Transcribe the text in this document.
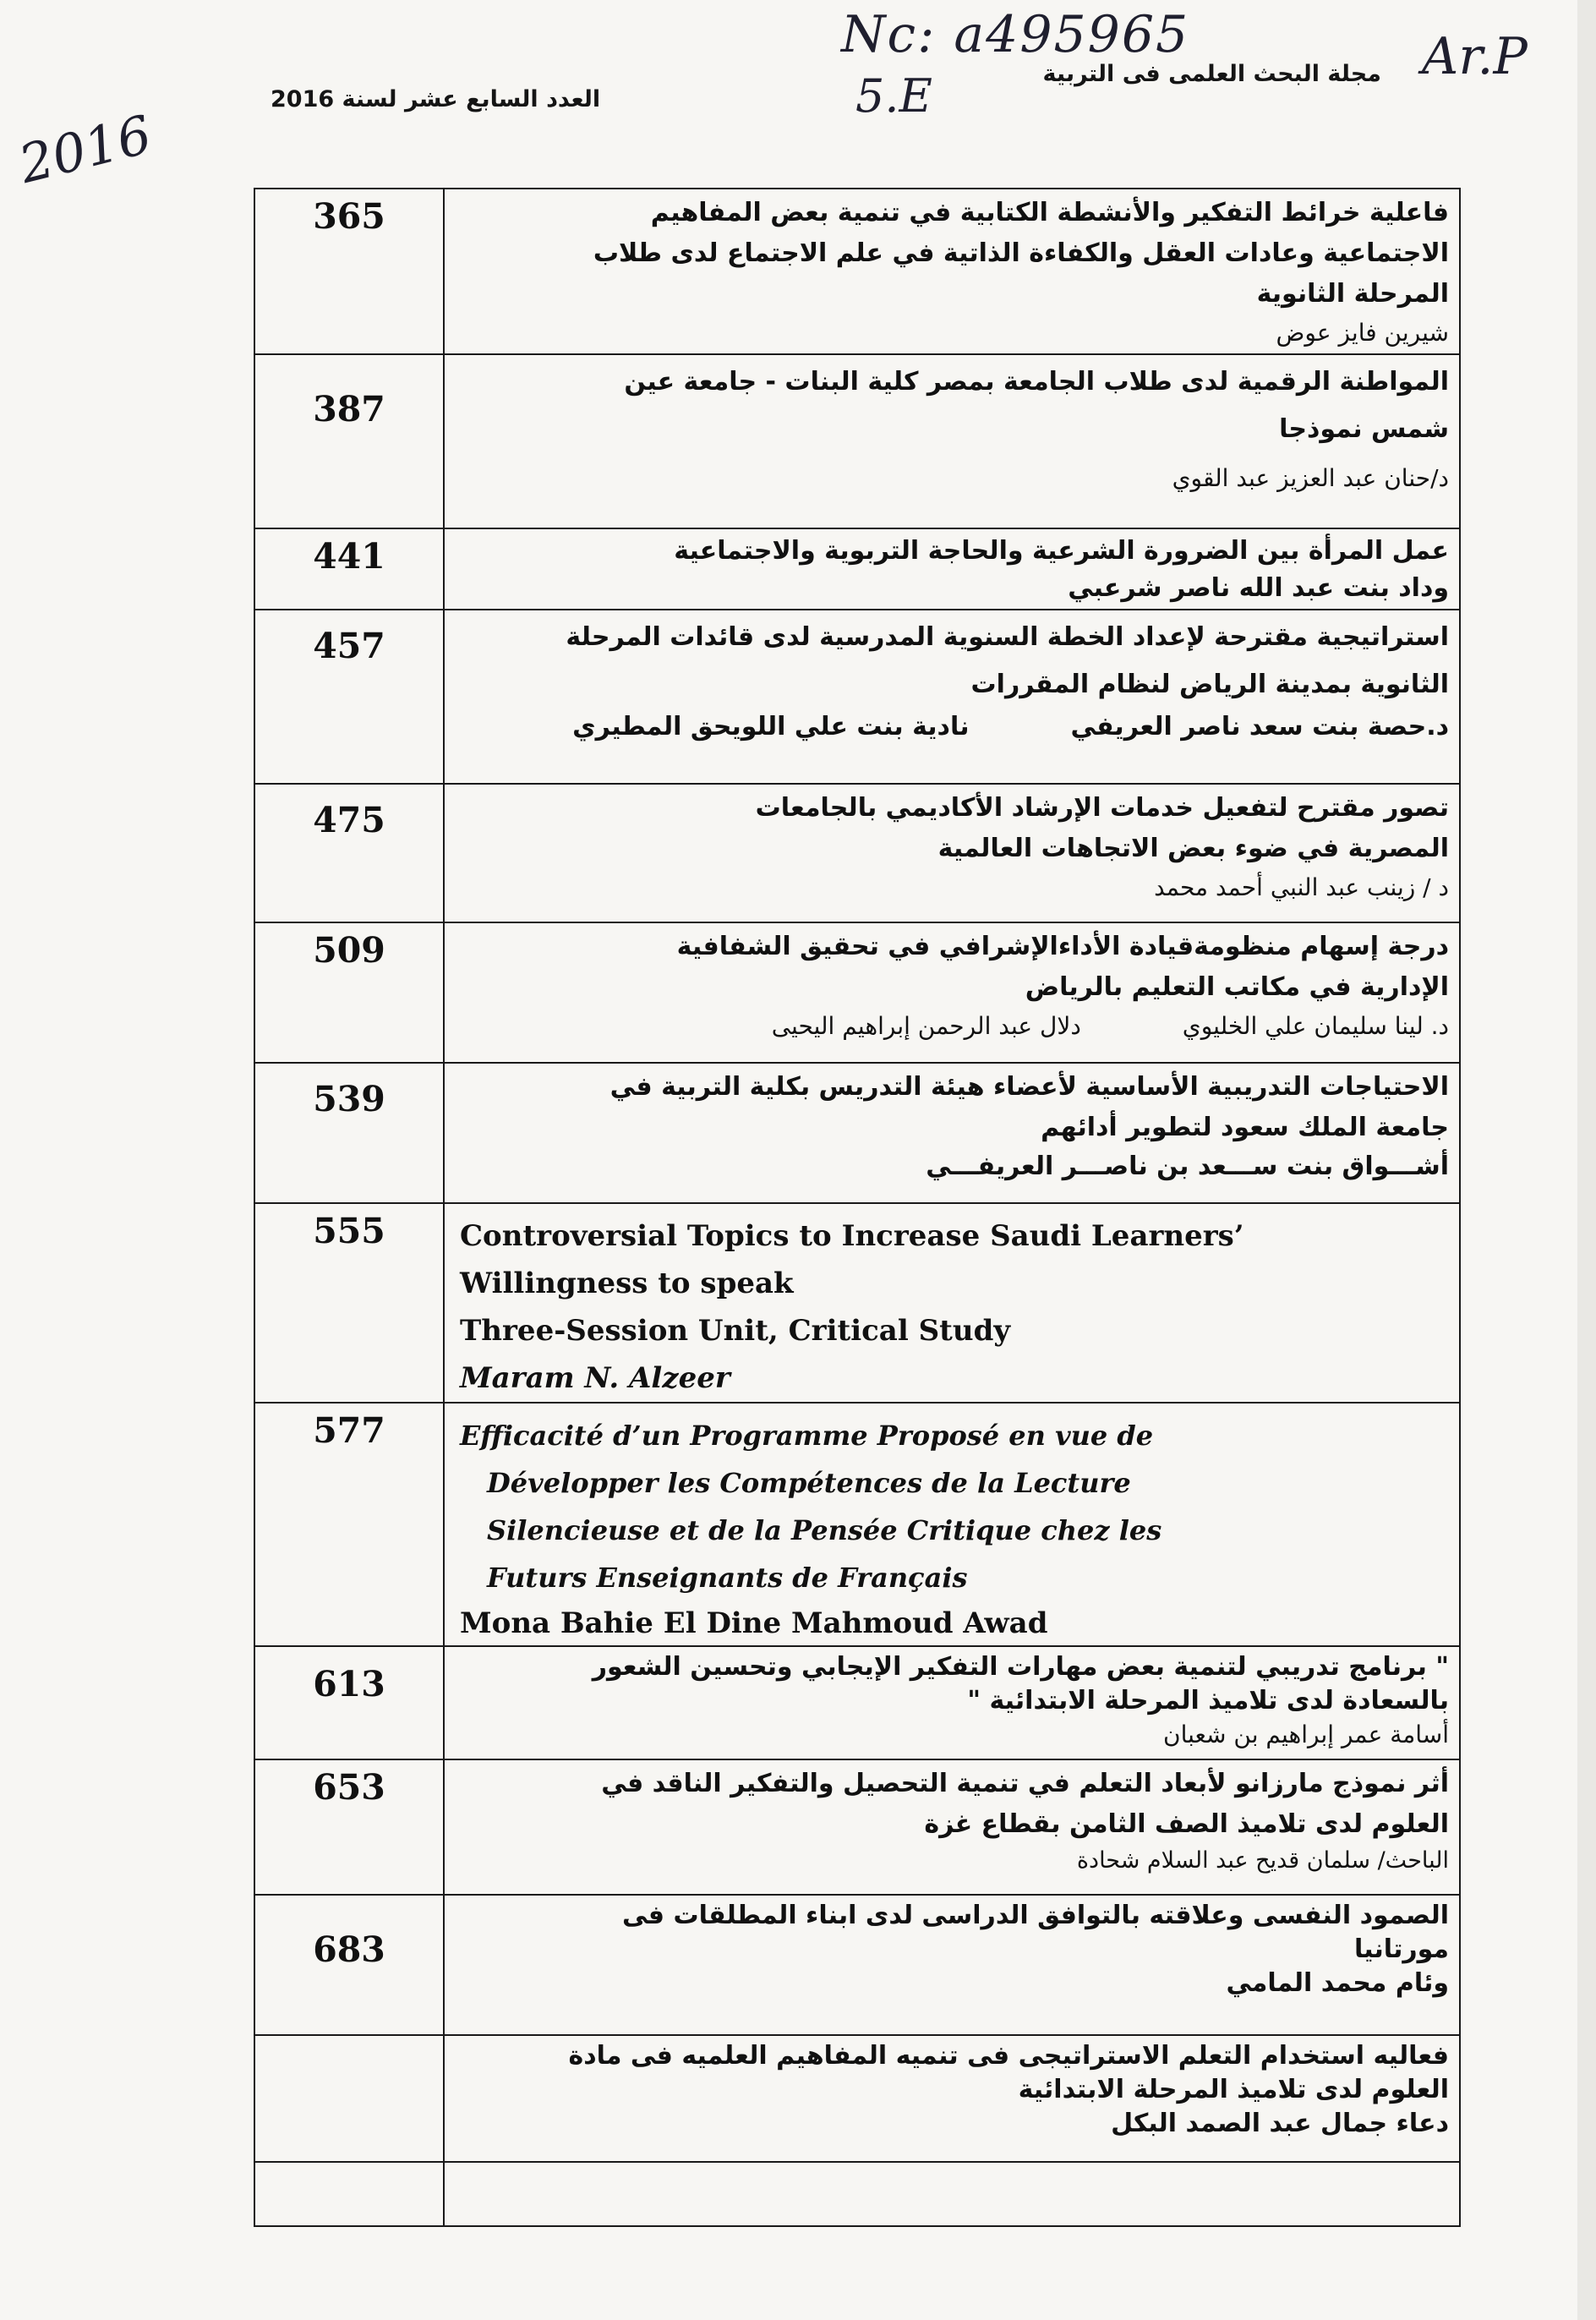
2016
Nc: a495965
5.E
Ar.P
مجلة البحث العلمى فى التربية
العدد السابع عشر لسنة 2016
365	فاعلية خرائط التفكير والأنشطة الكتابية في تنمية بعض المفاهيم
الاجتماعية وعادات العقل والكفاءة الذاتية في علم الاجتماع لدى طلاب
المرحلة الثانوية
شيرين فايز عوض

387	المواطنة الرقمية لدى طلاب الجامعة بمصر كلية البنات - جامعة عين
شمس نموذجا
د/حنان عبد العزيز عبد القوي

441	عمل المرأة بين الضرورة الشرعية والحاجة التربوية والاجتماعية
وداد بنت عبد الله ناصر شرعبي

457	استراتيجية مقترحة لإعداد الخطة السنوية المدرسية لدى قائدات المرحلة
الثانوية بمدينة الرياض لنظام المقررات
د.حصة بنت سعد ناصر العريفي
نادية بنت علي اللويحق المطيري

475	تصور مقترح لتفعيل خدمات الإرشاد الأكاديمي بالجامعات
المصرية في ضوء بعض الاتجاهات العالمية
د / زينب عبد النبي أحمد محمد

509	درجة إسهام منظومةقيادة الأداءالإشرافي في تحقيق الشفافية
الإدارية في مكاتب التعليم بالرياض
د. لينا سليمان علي الخليوي
دلال عبد الرحمن إبراهيم اليحيى

539	الاحتياجات التدريبية الأساسية لأعضاء هيئة التدريس بكلية التربية في
جامعة الملك سعود لتطوير أدائهم
أشـــواق بنت ســـعد بن ناصـــر العريفـــي

555	Controversial Topics to Increase Saudi Learners’
Willingness to speak
Three-Session Unit, Critical Study
Maram N. Alzeer

577	Efficacité d’un Programme Proposé en vue de
Développer les Compétences de la Lecture
Silencieuse et de la Pensée Critique chez les
Futurs Enseignants de Français
Mona Bahie El Dine Mahmoud Awad

613	" برنامج تدريبي لتنمية بعض مهارات التفكير الإيجابي وتحسين الشعور
بالسعادة لدى تلاميذ المرحلة الابتدائية "
أسامة عمر إبراهيم بن شعبان

653	أثر نموذج مارزانو لأبعاد التعلم في تنمية التحصيل والتفكير الناقد في
العلوم لدى تلاميذ الصف الثامن بقطاع غزة
الباحث/ سلمان قديح عبد السلام شحادة

683	الصمود النفسى وعلاقته بالتوافق الدراسى لدى ابناء المطلقات فى
مورتانيا
وئام محمد المامي

	فعاليه استخدام التعلم الاستراتيجى فى تنميه المفاهيم العلميه فى مادة
العلوم لدى تلاميذ المرحلة الابتدائية
دعاء جمال عبد الصمد البكل
